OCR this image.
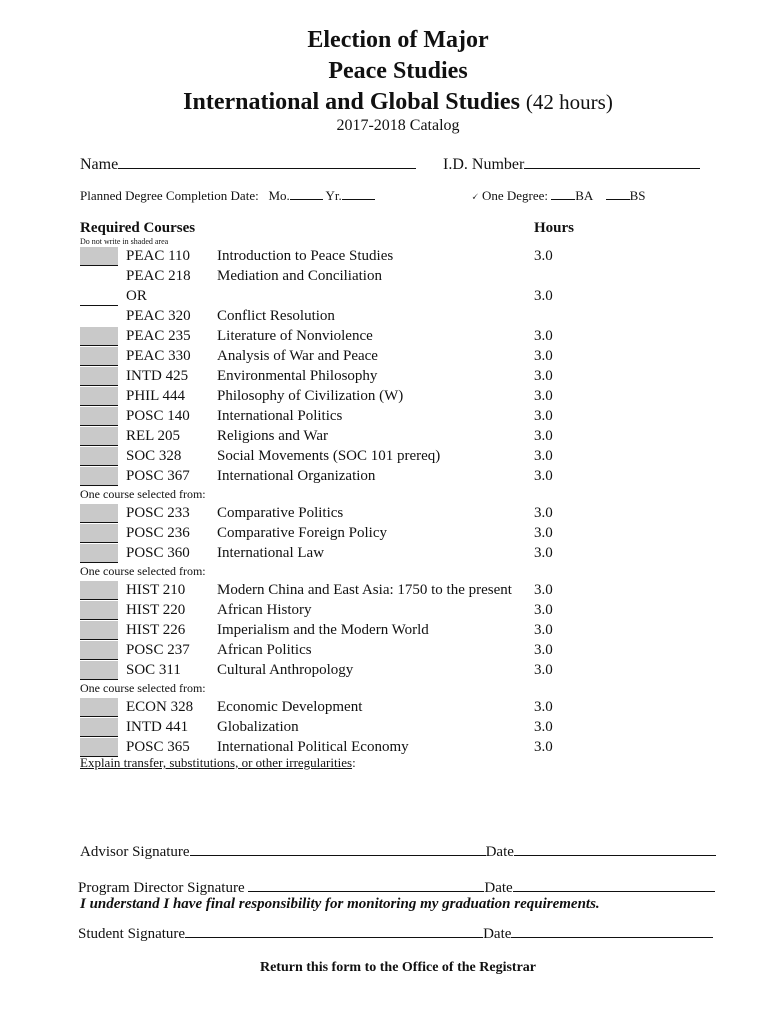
Election of Major
Peace Studies
International and Global Studies (42 hours)
2017-2018 Catalog
Name	I.D. Number
Planned Degree Completion Date: Mo.	Yr.	🗸 One Degree: BA	BS
Required Courses	Hours
Do not write in shaded area
PEAC 110 Introduction to Peace Studies	3.0
PEAC 218 Mediation and Conciliation
OR	3.0
PEAC 320 Conflict Resolution
PEAC 235 Literature of Nonviolence	3.0
PEAC 330 Analysis of War and Peace	3.0
INTD 425 Environmental Philosophy	3.0
PHIL 444 Philosophy of Civilization (W)	3.0
POSC 140 International Politics	3.0
REL 205 Religions and War	3.0
SOC 328 Social Movements (SOC 101 prereq)	3.0
POSC 367 International Organization	3.0
One course selected from:
POSC 233 Comparative Politics	3.0
POSC 236 Comparative Foreign Policy	3.0
POSC 360 International Law	3.0
One course selected from:
HIST 210 Modern China and East Asia: 1750 to the present 3.0
HIST 220 African History	3.0
HIST 226 Imperialism and the Modern World	3.0
POSC 237 African Politics	3.0
SOC 311 Cultural Anthropology	3.0
One course selected from:
ECON 328 Economic Development	3.0
INTD 441 Globalization	3.0
POSC 365 International Political Economy	3.0
Explain transfer, substitutions, or other irregularities:
Advisor Signature	Date
Program Director Signature	Date
I understand I have final responsibility for monitoring my graduation requirements.
Student Signature	Date
Return this form to the Office of the Registrar
